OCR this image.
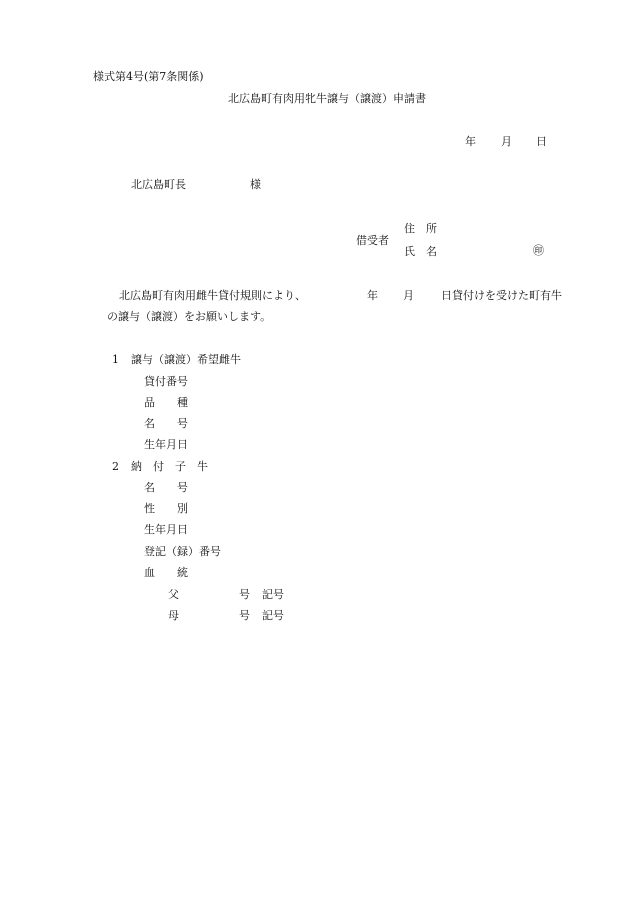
様式第4号(第7条関係)
北広島町有肉用牝牛譲与（譲渡）申請書
年 月 日
北広島町長	様
借受者
住　所
氏　名	㊞
北広島町有肉用雌牛貸付規則により、	年 月 日貸付けを受けた町有牛
の譲与（譲渡）をお願いします。
1 譲与（譲渡）希望雌牛
貸付番号
品　　種
名　　号
生年月日
2 納　付　子　牛
名　　号
性　　別
生年月日
登記（録）番号
血　　統
父	号 記号
母	号 記号
